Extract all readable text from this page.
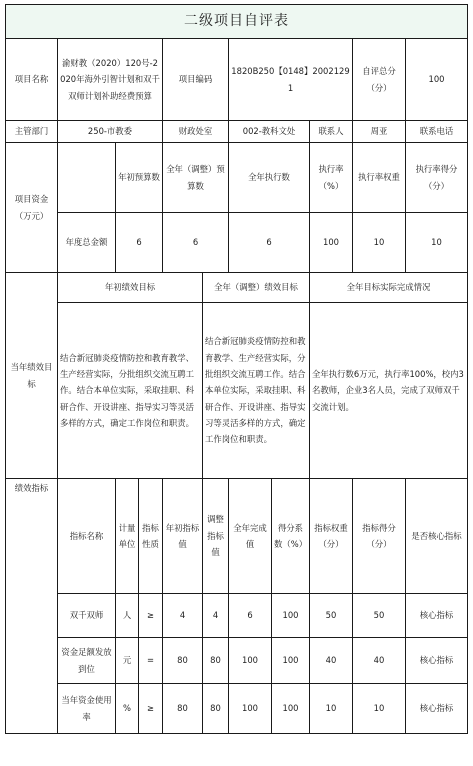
二级项目自评表										
项目名称	渝财教（2020）120号-2020年海外引智计划和双千双师计划补助经费预算			项目编码		1820B250【0148】20021291			自评总分（分）	100
主管部门	250-市教委			财政处室		002-教科文处		联系人	周亚	联系电话
项目资金（万元）		年初预算数		全年（调整）预算数		全年执行数		执行率（%）	执行率权重	执行率得分（分）
	年度总金额	6		6		6		100	10	10
当年绩效目标	年初绩效目标				全年（调整）绩效目标			全年目标实际完成情况		
	结合新冠肺炎疫情防控和教育教学、生产经营实际，分批组织交流互聘工作。结合本单位实际，采取挂职、科研合作、开设讲座、指导实习等灵活多样的方式，确定工作岗位和职责。				结合新冠肺炎疫情防控和教育教学、生产经营实际，分批组织交流互聘工作。结合本单位实际，采取挂职、科研合作、开设讲座、指导实习等灵活多样的方式，确定工作岗位和职责。			全年执行数6万元，执行率100%，校内3名教师，企业3名人员，完成了双师双千交流计划。		
绩效指标	指标名称	计量单位	指标性质	年初指标值	调整指标值	全年完成值	得分系数（%）	指标权重（分）	指标得分（分）	是否核心指标
	双千双师	人	≥	4	4	6	100	50	50	核心指标
	资金足额发放到位	元	=	80	80	100	100	40	40	核心指标
	当年资金使用率	%	≥	80	80	100	100	10	10	核心指标
